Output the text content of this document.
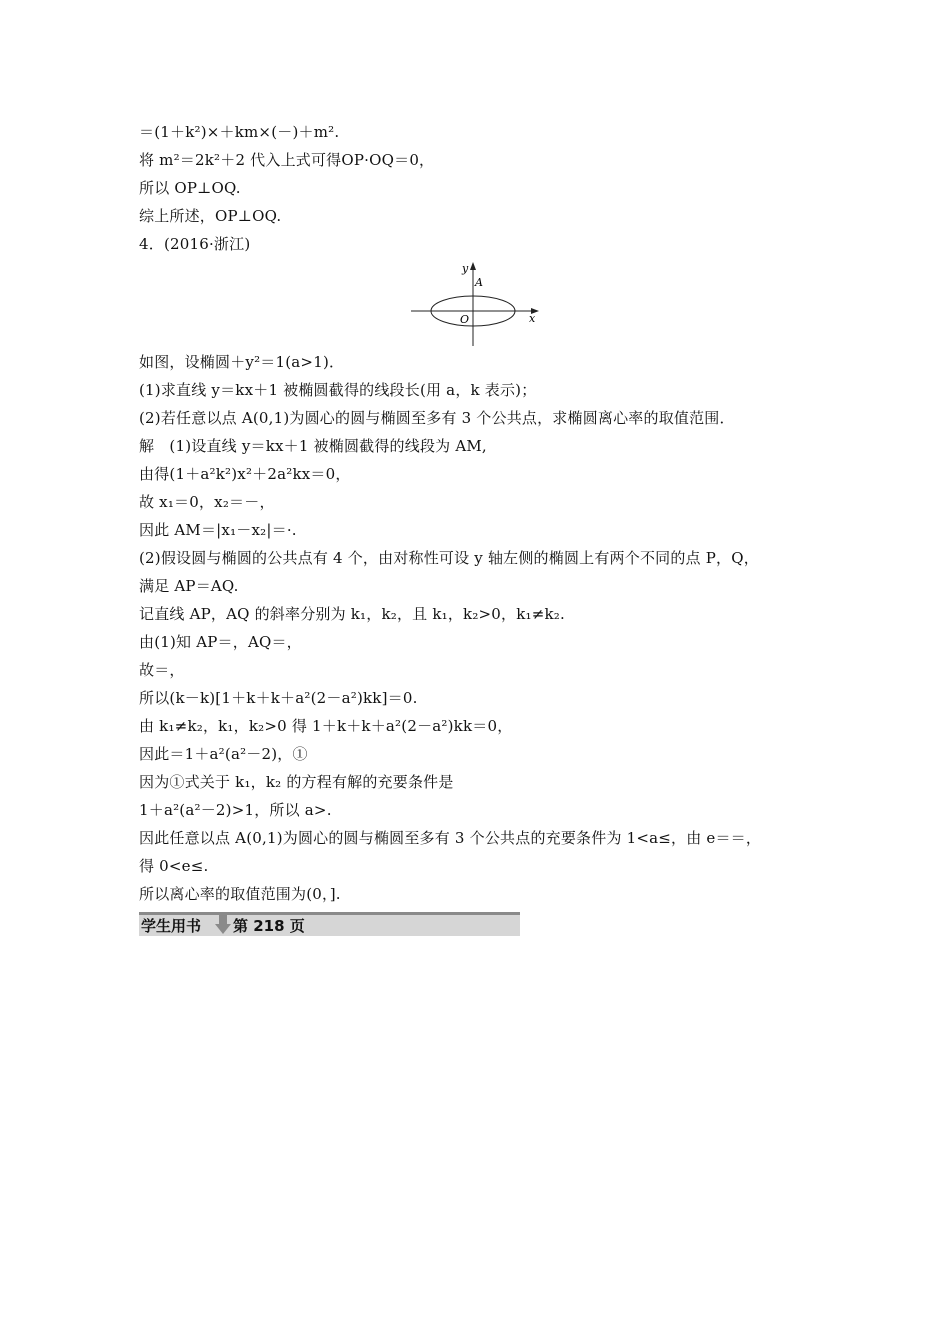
＝(1＋k²)×＋km×(－)＋m².
将 m²＝2k²＋2 代入上式可得OP·OQ＝0，
所以 OP⊥OQ.
综上所述，OP⊥OQ.
4．(2016·浙江)
y
A
O	x
如图，设椭圆＋y²＝1(a>1)．
(1)求直线 y＝kx＋1 被椭圆截得的线段长(用 a，k 表示)；
(2)若任意以点 A(0,1)为圆心的圆与椭圆至多有 3 个公共点，求椭圆离心率的取值范围．
解　(1)设直线 y＝kx＋1 被椭圆截得的线段为 AM,
由得(1＋a²k²)x²＋2a²kx＝0，
故 x₁＝0，x₂＝－，
因此 AM＝|x₁－x₂|＝·.
(2)假设圆与椭圆的公共点有 4 个，由对称性可设 y 轴左侧的椭圆上有两个不同的点 P，Q，
满足 AP＝AQ.
记直线 AP，AQ 的斜率分别为 k₁，k₂，且 k₁，k₂>0，k₁≠k₂.
由(1)知 AP＝，AQ＝，
故＝，
所以(k－k)[1＋k＋k＋a²(2－a²)kk]＝0.
由 k₁≠k₂，k₁，k₂>0 得 1＋k＋k＋a²(2－a²)kk＝0，
因此＝1＋a²(a²－2)，①
因为①式关于 k₁，k₂ 的方程有解的充要条件是
1＋a²(a²－2)>1，所以 a>.
因此任意以点 A(0,1)为圆心的圆与椭圆至多有 3 个公共点的充要条件为 1<a≤，由 e＝＝，
得 0<e≤.
所以离心率的取值范围为(0，].
学生用书 第 218 页
